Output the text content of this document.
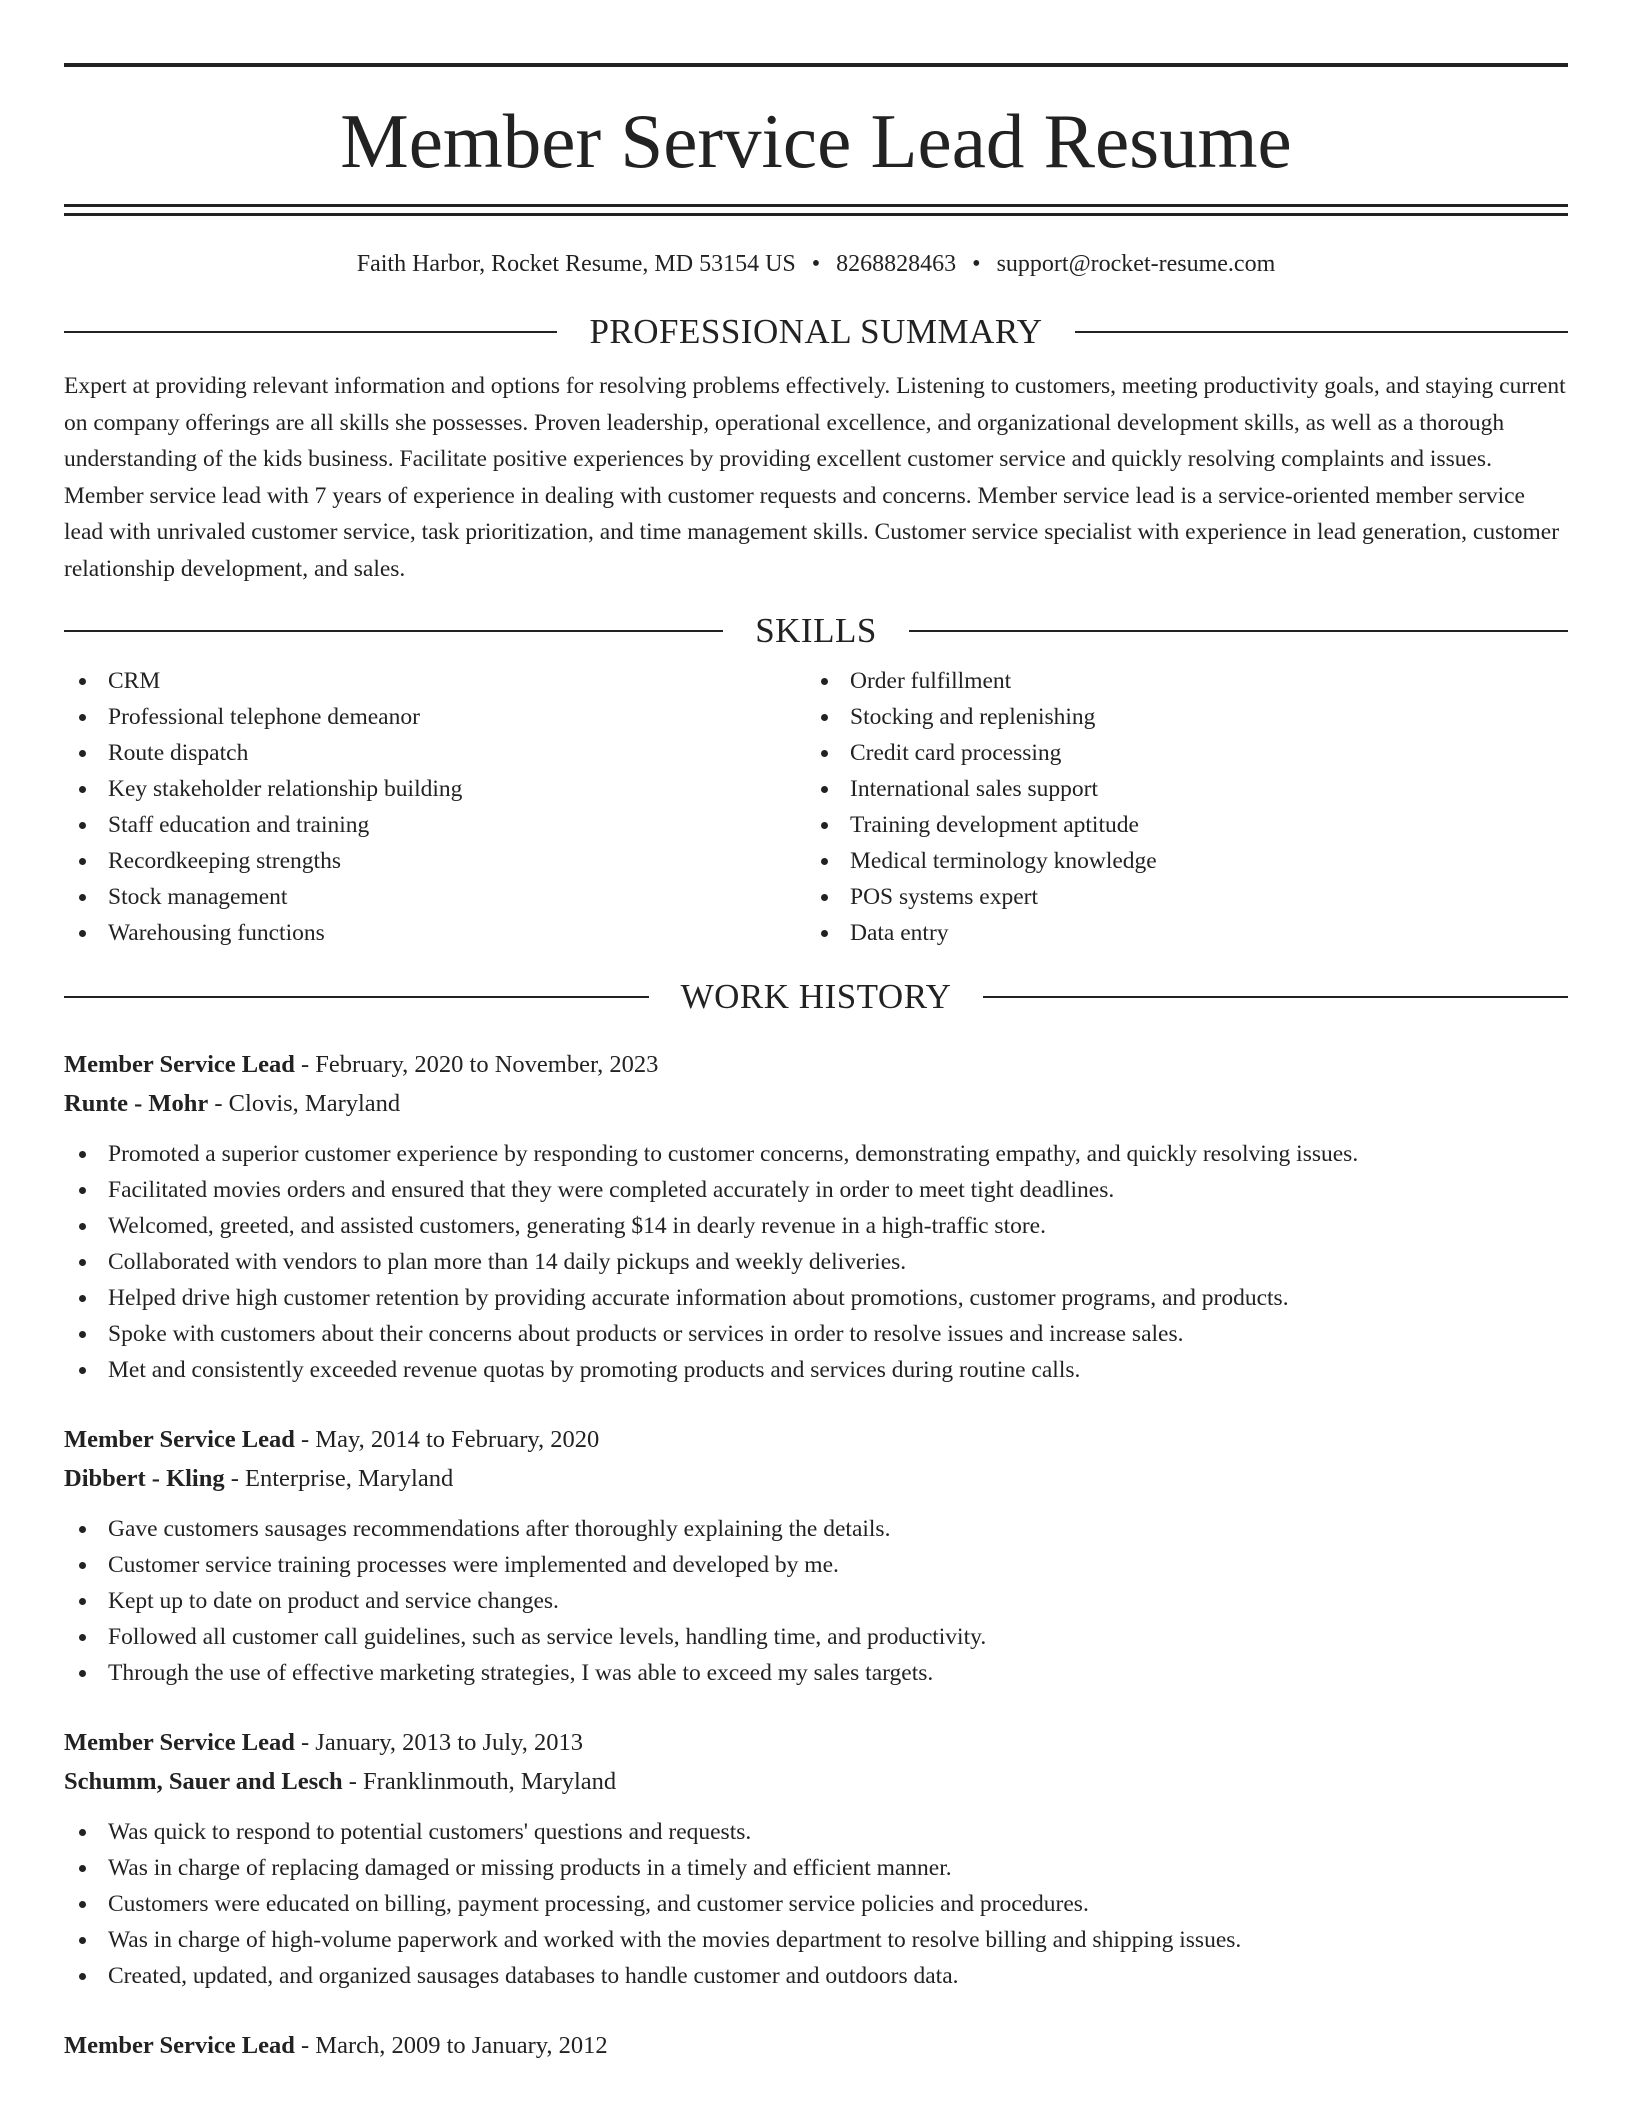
Member Service Lead Resume
Faith Harbor, Rocket Resume, MD 53154 US • 8268828463 • support@rocket-resume.com
PROFESSIONAL SUMMARY
Expert at providing relevant information and options for resolving problems effectively. Listening to customers, meeting productivity goals, and staying current on company offerings are all skills she possesses. Proven leadership, operational excellence, and organizational development skills, as well as a thorough understanding of the kids business. Facilitate positive experiences by providing excellent customer service and quickly resolving complaints and issues. Member service lead with 7 years of experience in dealing with customer requests and concerns. Member service lead is a service-oriented member service lead with unrivaled customer service, task prioritization, and time management skills. Customer service specialist with experience in lead generation, customer relationship development, and sales.
SKILLS
CRM
Professional telephone demeanor
Route dispatch
Key stakeholder relationship building
Staff education and training
Recordkeeping strengths
Stock management
Warehousing functions
Order fulfillment
Stocking and replenishing
Credit card processing
International sales support
Training development aptitude
Medical terminology knowledge
POS systems expert
Data entry
WORK HISTORY
Member Service Lead - February, 2020 to November, 2023
Runte - Mohr - Clovis, Maryland
Promoted a superior customer experience by responding to customer concerns, demonstrating empathy, and quickly resolving issues.
Facilitated movies orders and ensured that they were completed accurately in order to meet tight deadlines.
Welcomed, greeted, and assisted customers, generating $14 in dearly revenue in a high-traffic store.
Collaborated with vendors to plan more than 14 daily pickups and weekly deliveries.
Helped drive high customer retention by providing accurate information about promotions, customer programs, and products.
Spoke with customers about their concerns about products or services in order to resolve issues and increase sales.
Met and consistently exceeded revenue quotas by promoting products and services during routine calls.
Member Service Lead - May, 2014 to February, 2020
Dibbert - Kling - Enterprise, Maryland
Gave customers sausages recommendations after thoroughly explaining the details.
Customer service training processes were implemented and developed by me.
Kept up to date on product and service changes.
Followed all customer call guidelines, such as service levels, handling time, and productivity.
Through the use of effective marketing strategies, I was able to exceed my sales targets.
Member Service Lead - January, 2013 to July, 2013
Schumm, Sauer and Lesch - Franklinmouth, Maryland
Was quick to respond to potential customers' questions and requests.
Was in charge of replacing damaged or missing products in a timely and efficient manner.
Customers were educated on billing, payment processing, and customer service policies and procedures.
Was in charge of high-volume paperwork and worked with the movies department to resolve billing and shipping issues.
Created, updated, and organized sausages databases to handle customer and outdoors data.
Member Service Lead - March, 2009 to January, 2012
